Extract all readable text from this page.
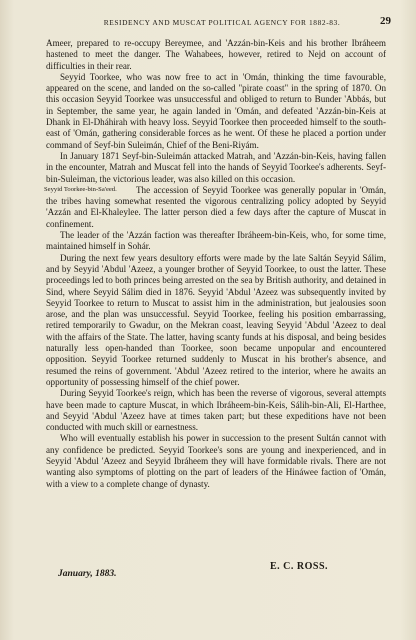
RESIDENCY AND MUSCAT POLITICAL AGENCY FOR 1882-83.	29

Ameer, prepared to re-occupy Bereymee, and 'Azzán-bin-Keis and his brother Ibráheem hastened to meet the danger. The Wahabees, however, retired to Nejd on account of difficulties in their rear.

Seyyid Toorkee, who was now free to act in 'Omán, thinking the time favourable, appeared on the scene, and landed on the so-called "pirate coast" in the spring of 1870. On this occasion Seyyid Toorkee was unsuccessful and obliged to return to Bunder 'Abbás, but in September, the same year, he again landed in 'Omán, and defeated 'Azzán-bin-Keis at Dhank in El-Dháhirah with heavy loss. Seyyid Toorkee then proceeded himself to the south-east of 'Omán, gathering considerable forces as he went. Of these he placed a portion under command of Seyf-bin Suleimán, Chief of the Beni-Riyám.

In January 1871 Seyf-bin-Suleimán attacked Matrah, and 'Azzán-bin-Keis, having fallen in the encounter, Matrah and Muscat fell into the hands of Seyyid Toorkee's adherents. Seyf-bin-Suleiman, the victorious leader, was also killed on this occasion.

Seyyid Toorkee-bin-Sa'eed. The accession of Seyyid Toorkee was generally popular in 'Omán, the tribes having somewhat resented the vigorous centralizing policy adopted by Seyyid 'Azzán and El-Khaleylee. The latter person died a few days after the capture of Muscat in confinement.

The leader of the 'Azzán faction was thereafter Ibráheem-bin-Keis, who, for some time, maintained himself in Sohár.

During the next few years desultory efforts were made by the late Saltán Seyyid Sálim, and by Seyyid 'Abdul 'Azeez, a younger brother of Seyyid Toorkee, to oust the latter. These proceedings led to both princes being arrested on the sea by British authority, and detained in Sind, where Seyyid Sálim died in 1876. Seyyid 'Abdul 'Azeez was subsequently invited by Seyyid Toorkee to return to Muscat to assist him in the administration, but jealousies soon arose, and the plan was unsuccessful. Seyyid Toorkee, feeling his position embarrassing, retired temporarily to Gwadur, on the Mekran coast, leaving Seyyid 'Abdul 'Azeez to deal with the affairs of the State. The latter, having scanty funds at his disposal, and being besides naturally less open-handed than Toorkee, soon became unpopular and encountered opposition. Seyyid Toorkee returned suddenly to Muscat in his brother's absence, and resumed the reins of government. 'Abdul 'Azeez retired to the interior, where he awaits an opportunity of possessing himself of the chief power.

During Seyyid Toorkee's reign, which has been the reverse of vigorous, several attempts have been made to capture Muscat, in which Ibráheem-bin-Keis, Sálih-bin-Ali, El-Harthee, and Seyyid 'Abdul 'Azeez have at times taken part; but these expeditions have not been conducted with much skill or earnestness.

Who will eventually establish his power in succession to the present Sultán cannot with any confidence be predicted. Seyyid Toorkee's sons are young and inexperienced, and in Seyyid 'Abdul 'Azeez and Seyyid Ibráheem they will have formidable rivals. There are not wanting also symptoms of plotting on the part of leaders of the Hináwee faction of 'Omán, with a view to a complete change of dynasty.

January, 1883.
E. C. ROSS.
